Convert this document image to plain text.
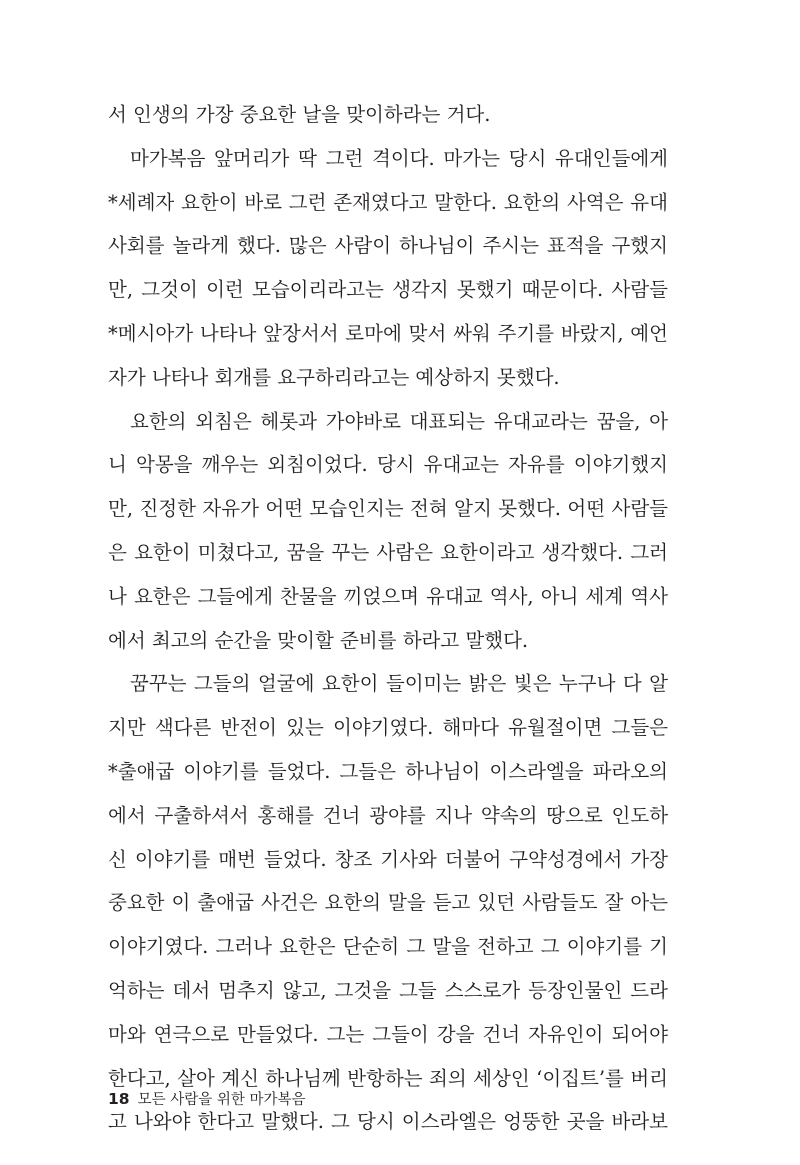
서 인생의 가장 중요한 날을 맞이하라는 거다.
마가복음 앞머리가 딱 그런 격이다. 마가는 당시 유대인들에게
*세례자 요한이 바로 그런 존재였다고 말한다. 요한의 사역은 유대
사회를 놀라게 했다. 많은 사람이 하나님이 주시는 표적을 구했지
만, 그것이 이런 모습이리라고는 생각지 못했기 때문이다. 사람들
*메시아가 나타나 앞장서서 로마에 맞서 싸워 주기를 바랐지, 예언
자가 나타나 회개를 요구하리라고는 예상하지 못했다.
요한의 외침은 헤롯과 가야바로 대표되는 유대교라는 꿈을, 아
니 악몽을 깨우는 외침이었다. 당시 유대교는 자유를 이야기했지
만, 진정한 자유가 어떤 모습인지는 전혀 알지 못했다. 어떤 사람들
은 요한이 미쳤다고, 꿈을 꾸는 사람은 요한이라고 생각했다. 그러
나 요한은 그들에게 찬물을 끼얹으며 유대교 역사, 아니 세계 역사
에서 최고의 순간을 맞이할 준비를 하라고 말했다.
꿈꾸는 그들의 얼굴에 요한이 들이미는 밝은 빛은 누구나 다 알
지만 색다른 반전이 있는 이야기였다. 해마다 유월절이면 그들은
*출애굽 이야기를 들었다. 그들은 하나님이 이스라엘을 파라오의
에서 구출하셔서 홍해를 건너 광야를 지나 약속의 땅으로 인도하
신 이야기를 매번 들었다. 창조 기사와 더불어 구약성경에서 가장
중요한 이 출애굽 사건은 요한의 말을 듣고 있던 사람들도 잘 아는
이야기였다. 그러나 요한은 단순히 그 말을 전하고 그 이야기를 기
억하는 데서 멈추지 않고, 그것을 그들 스스로가 등장인물인 드라
마와 연극으로 만들었다. 그는 그들이 강을 건너 자유인이 되어야
한다고, 살아 계신 하나님께 반항하는 죄의 세상인 ‘이집트’를 버리
고 나와야 한다고 말했다. 그 당시 이스라엘은 엉뚱한 곳을 바라보
18 모든 사람을 위한 마가복음
